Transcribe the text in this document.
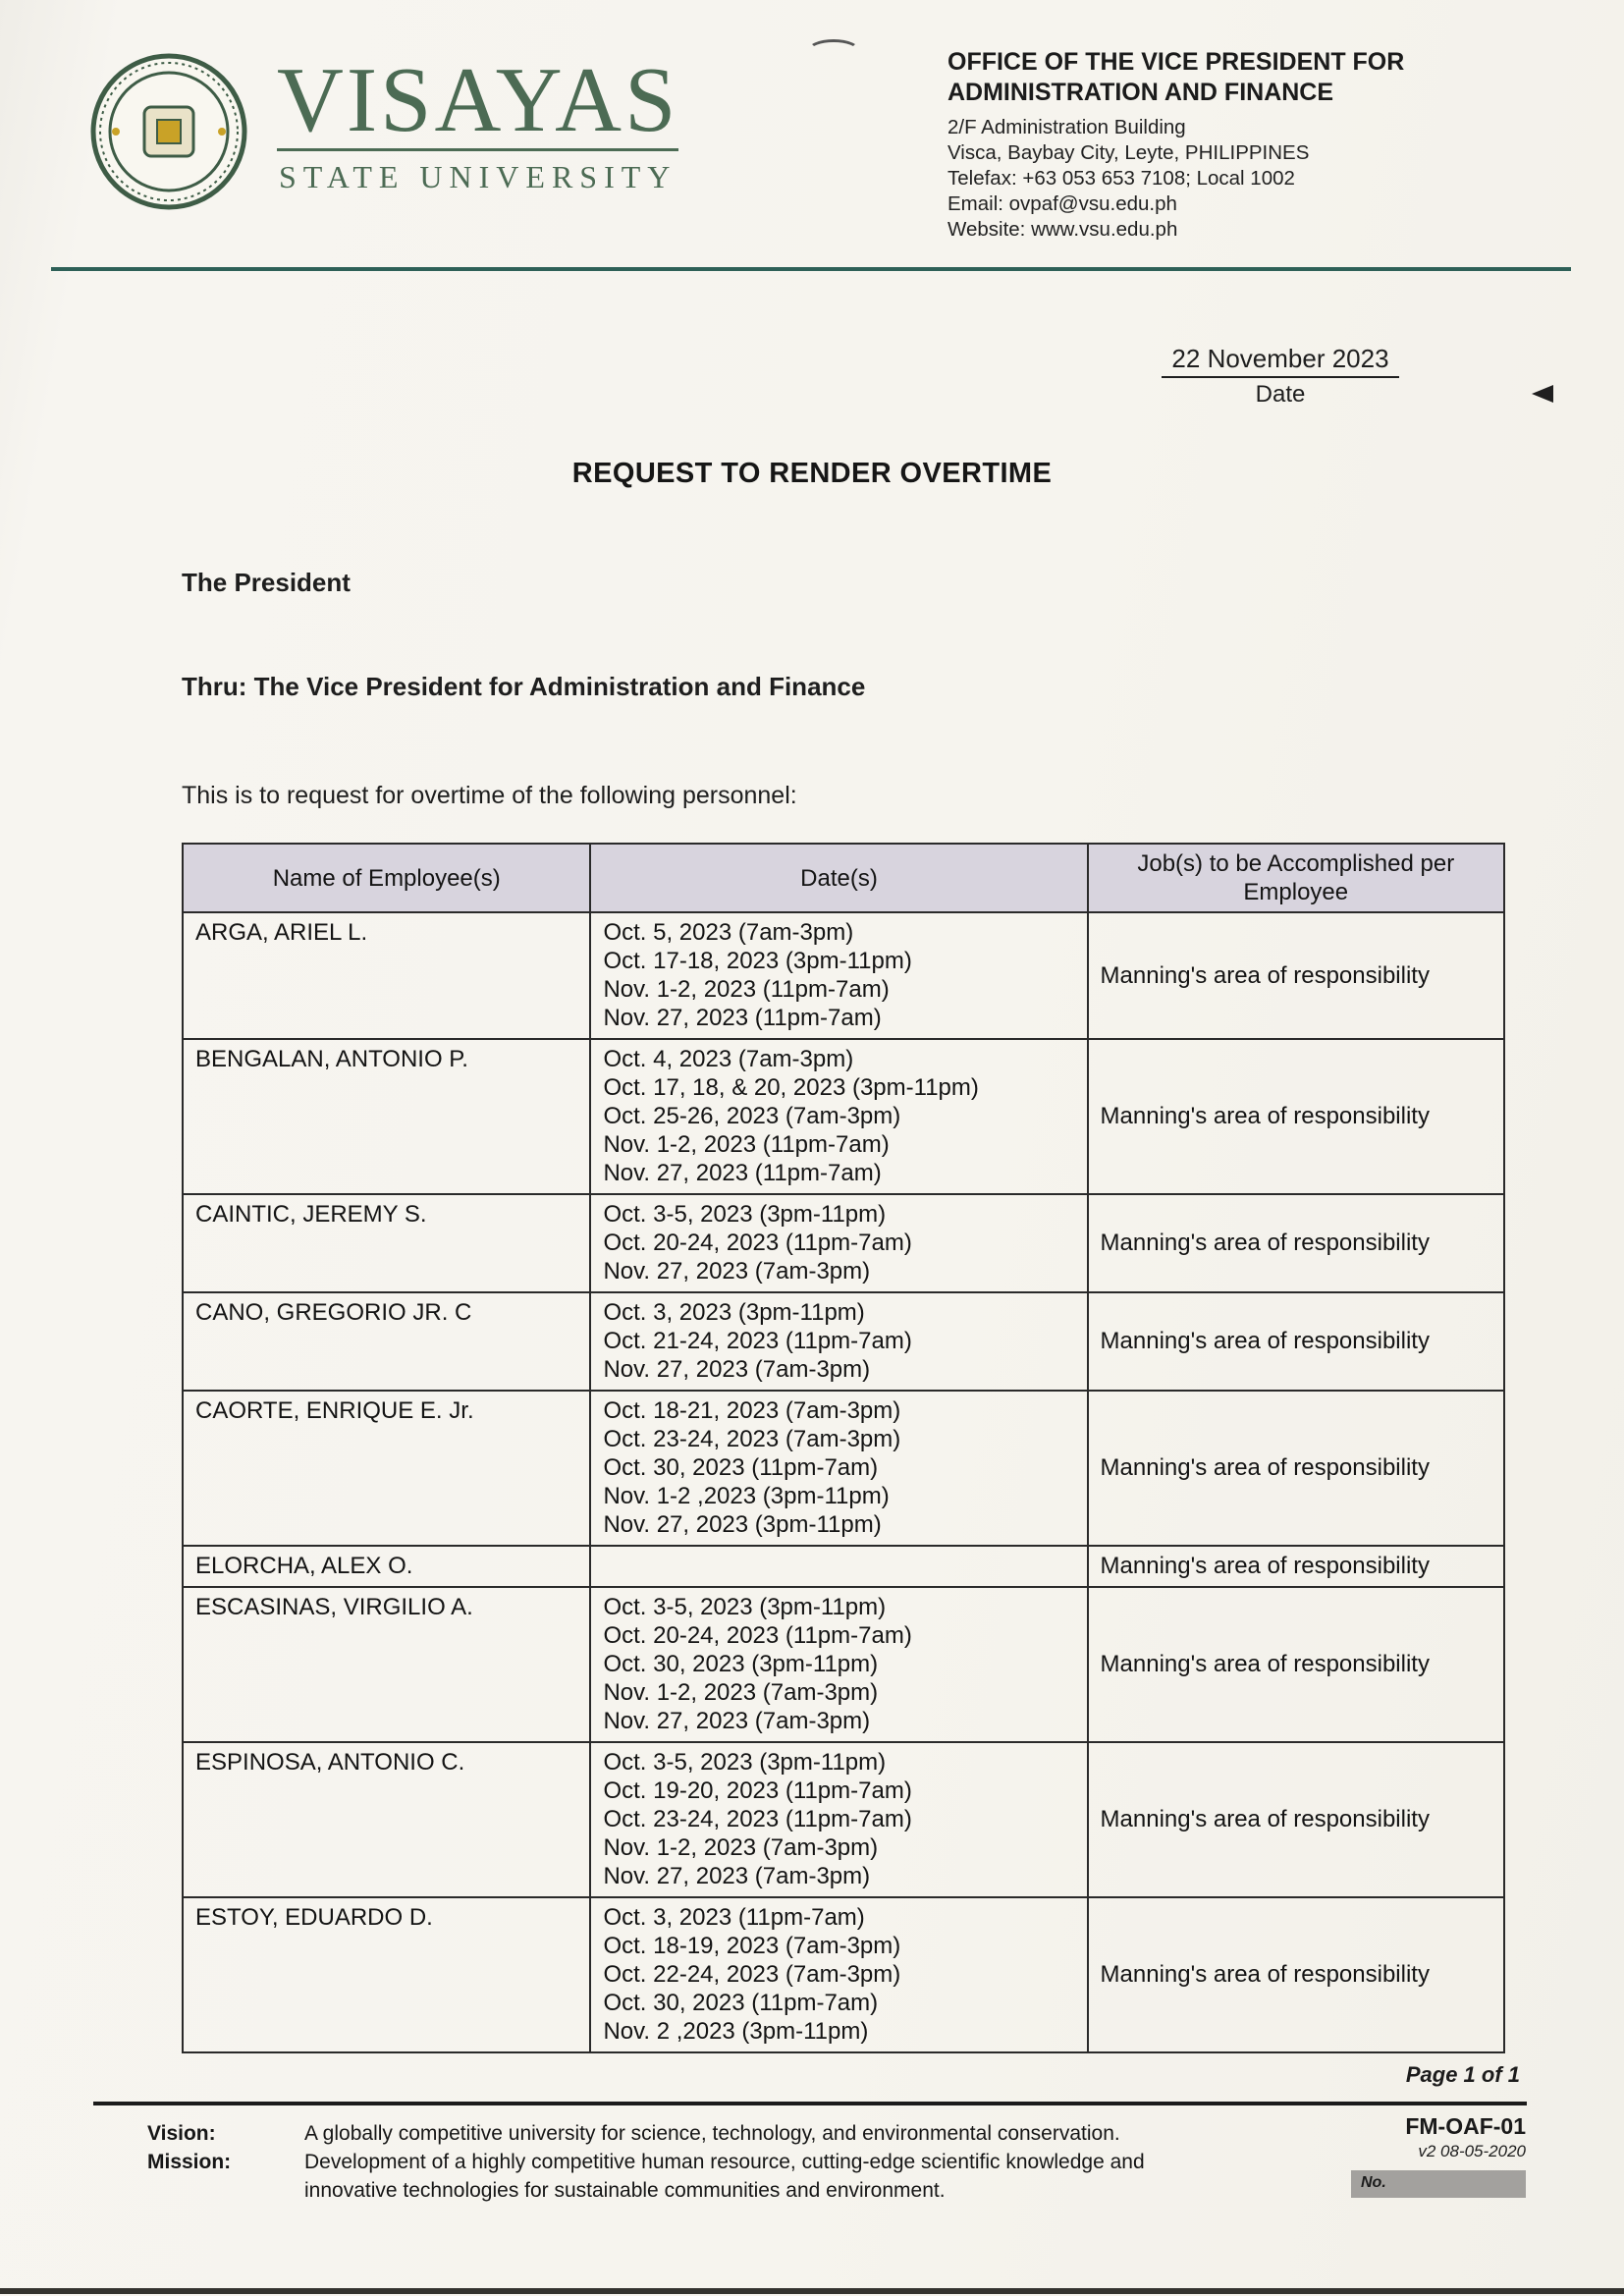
VISAYAS
STATE UNIVERSITY
OFFICE OF THE VICE PRESIDENT FOR
ADMINISTRATION AND FINANCE
2/F Administration Building
Visca, Baybay City, Leyte, PHILIPPINES
Telefax: +63 053 653 7108; Local 1002
Email: ovpaf@vsu.edu.ph
Website: www.vsu.edu.ph
22 November 2023
Date
REQUEST TO RENDER OVERTIME
The President
Thru: The Vice President for Administration and Finance
This is to request for overtime of the following personnel:
Name of Employee(s)	Date(s)	Job(s) to be Accomplished per Employee
ARGA, ARIEL L.	Oct. 5, 2023 (7am-3pm)
Oct. 17-18, 2023 (3pm-11pm)
Nov. 1-2, 2023 (11pm-7am)
Nov. 27, 2023 (11pm-7am)	Manning's area of responsibility
BENGALAN, ANTONIO P.	Oct. 4, 2023 (7am-3pm)
Oct. 17, 18, & 20, 2023 (3pm-11pm)
Oct. 25-26, 2023 (7am-3pm)
Nov. 1-2, 2023 (11pm-7am)
Nov. 27, 2023 (11pm-7am)	Manning's area of responsibility
CAINTIC, JEREMY S.	Oct. 3-5, 2023 (3pm-11pm)
Oct. 20-24, 2023 (11pm-7am)
Nov. 27, 2023 (7am-3pm)	Manning's area of responsibility
CANO, GREGORIO JR. C	Oct. 3, 2023 (3pm-11pm)
Oct. 21-24, 2023 (11pm-7am)
Nov. 27, 2023 (7am-3pm)	Manning's area of responsibility
CAORTE, ENRIQUE E. Jr.	Oct. 18-21, 2023 (7am-3pm)
Oct. 23-24, 2023 (7am-3pm)
Oct. 30, 2023 (11pm-7am)
Nov. 1-2 ,2023 (3pm-11pm)
Nov. 27, 2023 (3pm-11pm)	Manning's area of responsibility
ELORCHA, ALEX O.		Manning's area of responsibility
ESCASINAS, VIRGILIO A.	Oct. 3-5, 2023 (3pm-11pm)
Oct. 20-24, 2023 (11pm-7am)
Oct. 30, 2023 (3pm-11pm)
Nov. 1-2, 2023 (7am-3pm)
Nov. 27, 2023 (7am-3pm)	Manning's area of responsibility
ESPINOSA, ANTONIO C.	Oct. 3-5, 2023 (3pm-11pm)
Oct. 19-20, 2023 (11pm-7am)
Oct. 23-24, 2023 (11pm-7am)
Nov. 1-2, 2023 (7am-3pm)
Nov. 27, 2023 (7am-3pm)	Manning's area of responsibility
ESTOY, EDUARDO D.	Oct. 3, 2023 (11pm-7am)
Oct. 18-19, 2023 (7am-3pm)
Oct. 22-24, 2023 (7am-3pm)
Oct. 30, 2023 (11pm-7am)
Nov. 2 ,2023 (3pm-11pm)	Manning's area of responsibility
Page 1 of 1
Vision:	A globally competitive university for science, technology, and environmental conservation.
Mission:	Development of a highly competitive human resource, cutting-edge scientific knowledge and innovative technologies for sustainable communities and environment.
FM-OAF-01
v2 08-05-2020
No.
